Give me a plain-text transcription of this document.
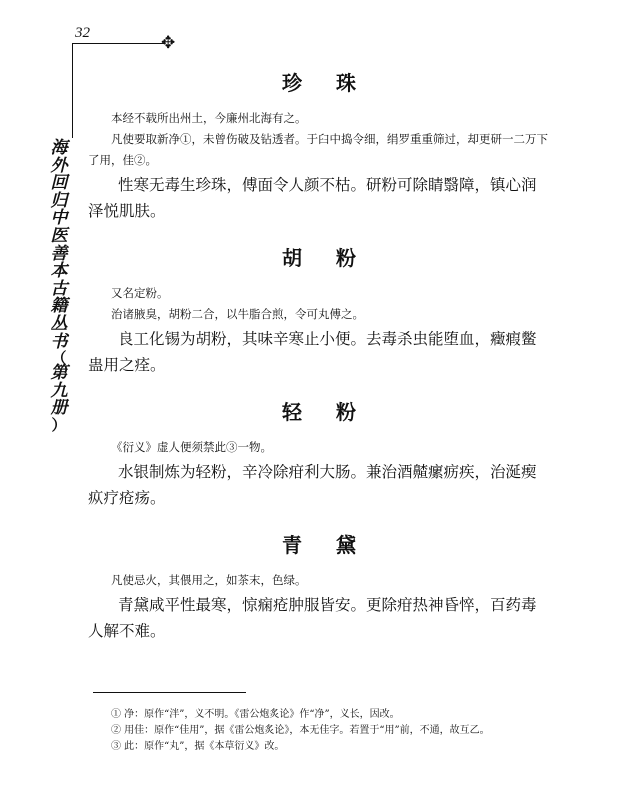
32	✥
海
外
回
归
中
医
善
本
古
籍
丛
书
（
第
九
册
）
珍珠

本经不载所出州土，今廉州北海有之。

凡使要取新净①，未曾伤破及钻透者。于臼中捣令细，绢罗重重筛过，却更研一二万下了用，佳②。

性寒无毒生珍珠，傅面令人颜不枯。研粉可除睛翳障，镇心润泽悦肌肤。

胡粉

又名定粉。

治诸腋臭，胡粉二合，以牛脂合煎，令可丸傅之。

良工化锡为胡粉，其味辛寒止小便。去毒杀虫能堕血，癥瘕鳖蛊用之痊。

轻粉

《衍义》虚人便须禁此③一物。

水银制炼为轻粉，辛冷除疳利大肠。兼治酒齄瘰疬疾，治涎瘈疭疗疮疡。

青黛

凡使忌火，其偎用之，如茶末，色绿。

青黛咸平性最寒，惊痫疮肿服皆安。更除疳热神昏悴，百药毒人解不难。

① 净：原作“泮”，义不明。《雷公炮炙论》作“净”，义长，因改。

② 用佳：原作“佳用”，据《雷公炮炙论》，本无佳字。若置于“用”前，不通，故互乙。

③ 此：原作“丸”，据《本草衍义》改。
